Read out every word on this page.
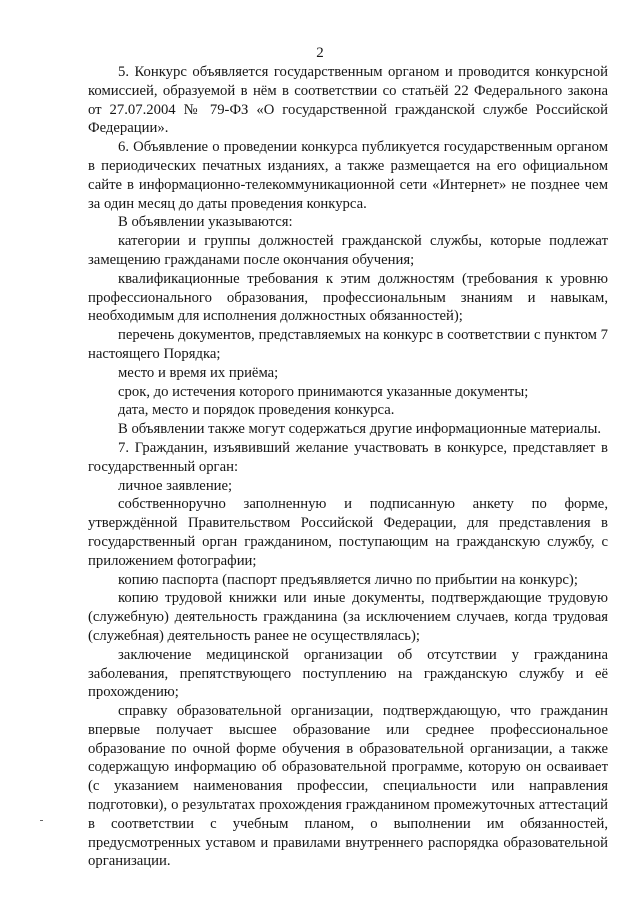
2

5. Конкурс объявляется государственным органом и проводится конкурсной комиссией, образуемой в нём в соответствии со статьёй 22 Федерального закона от 27.07.2004 № 79-ФЗ «О государственной гражданской службе Российской Федерации».

6. Объявление о проведении конкурса публикуется государственным органом в периодических печатных изданиях, а также размещается на его официальном сайте в информационно-телекоммуникационной сети «Интернет» не позднее чем за один месяц до даты проведения конкурса.

В объявлении указываются:

категории и группы должностей гражданской службы, которые подлежат замещению гражданами после окончания обучения;

квалификационные требования к этим должностям (требования к уровню профессионального образования, профессиональным знаниям и навыкам, необходимым для исполнения должностных обязанностей);

перечень документов, представляемых на конкурс в соответствии с пунктом 7 настоящего Порядка;

место и время их приёма;

срок, до истечения которого принимаются указанные документы;

дата, место и порядок проведения конкурса.

В объявлении также могут содержаться другие информационные материалы.

7. Гражданин, изъявивший желание участвовать в конкурсе, представляет в государственный орган:

личное заявление;

собственноручно заполненную и подписанную анкету по форме, утверждённой Правительством Российской Федерации, для представления в государственный орган гражданином, поступающим на гражданскую службу, с приложением фотографии;

копию паспорта (паспорт предъявляется лично по прибытии на конкурс);

копию трудовой книжки или иные документы, подтверждающие трудовую (служебную) деятельность гражданина (за исключением случаев, когда трудовая (служебная) деятельность ранее не осуществлялась);

заключение медицинской организации об отсутствии у гражданина заболевания, препятствующего поступлению на гражданскую службу и её прохождению;

справку образовательной организации, подтверждающую, что гражданин впервые получает высшее образование или среднее профессиональное образование по очной форме обучения в образовательной организации, а также содержащую информацию об образовательной программе, которую он осваивает (с указанием наименования профессии, специальности или направления подготовки), о результатах прохождения гражданином промежуточных аттестаций в соответствии с учебным планом, о выполнении им обязанностей, предусмотренных уставом и правилами внутреннего распорядка образовательной организации.
